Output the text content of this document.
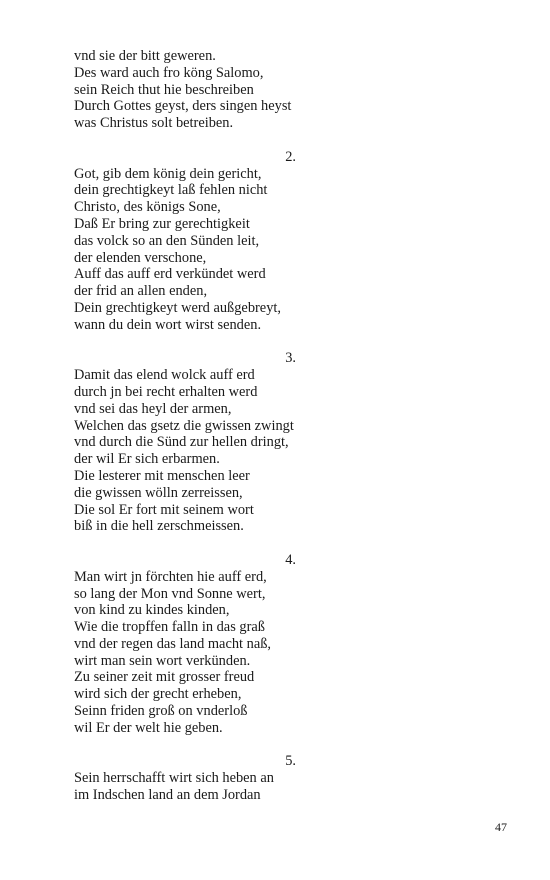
vnd sie der bitt geweren.
Des ward auch fro köng Salomo,
sein Reich thut hie beschreiben
Durch Gottes geyst, ders singen heyst
was Christus solt betreiben.
2.
Got, gib dem könig dein gericht,
dein grechtigkeyt laß fehlen nicht
Christo, des königs Sone,
Daß Er bring zur gerechtigkeit
das volck so an den Sünden leit,
der elenden verschone,
Auff das auff erd verkündet werd
der frid an allen enden,
Dein grechtigkeyt werd außgebreyt,
wann du dein wort wirst senden.
3.
Damit das elend wolck auff erd
durch jn bei recht erhalten werd
vnd sei das heyl der armen,
Welchen das gsetz die gwissen zwingt
vnd durch die Sünd zur hellen dringt,
der wil Er sich erbarmen.
Die lesterer mit menschen leer
die gwissen wölln zerreissen,
Die sol Er fort mit seinem wort
biß in die hell zerschmeissen.
4.
Man wirt jn förchten hie auff erd,
so lang der Mon vnd Sonne wert,
von kind zu kindes kinden,
Wie die tropffen falln in das graß
vnd der regen das land macht naß,
wirt man sein wort verkünden.
Zu seiner zeit mit grosser freud
wird sich der grecht erheben,
Seinn friden groß on vnderloß
wil Er der welt hie geben.
5.
Sein herrschafft wirt sich heben an
im Indschen land an dem Jordan
47
